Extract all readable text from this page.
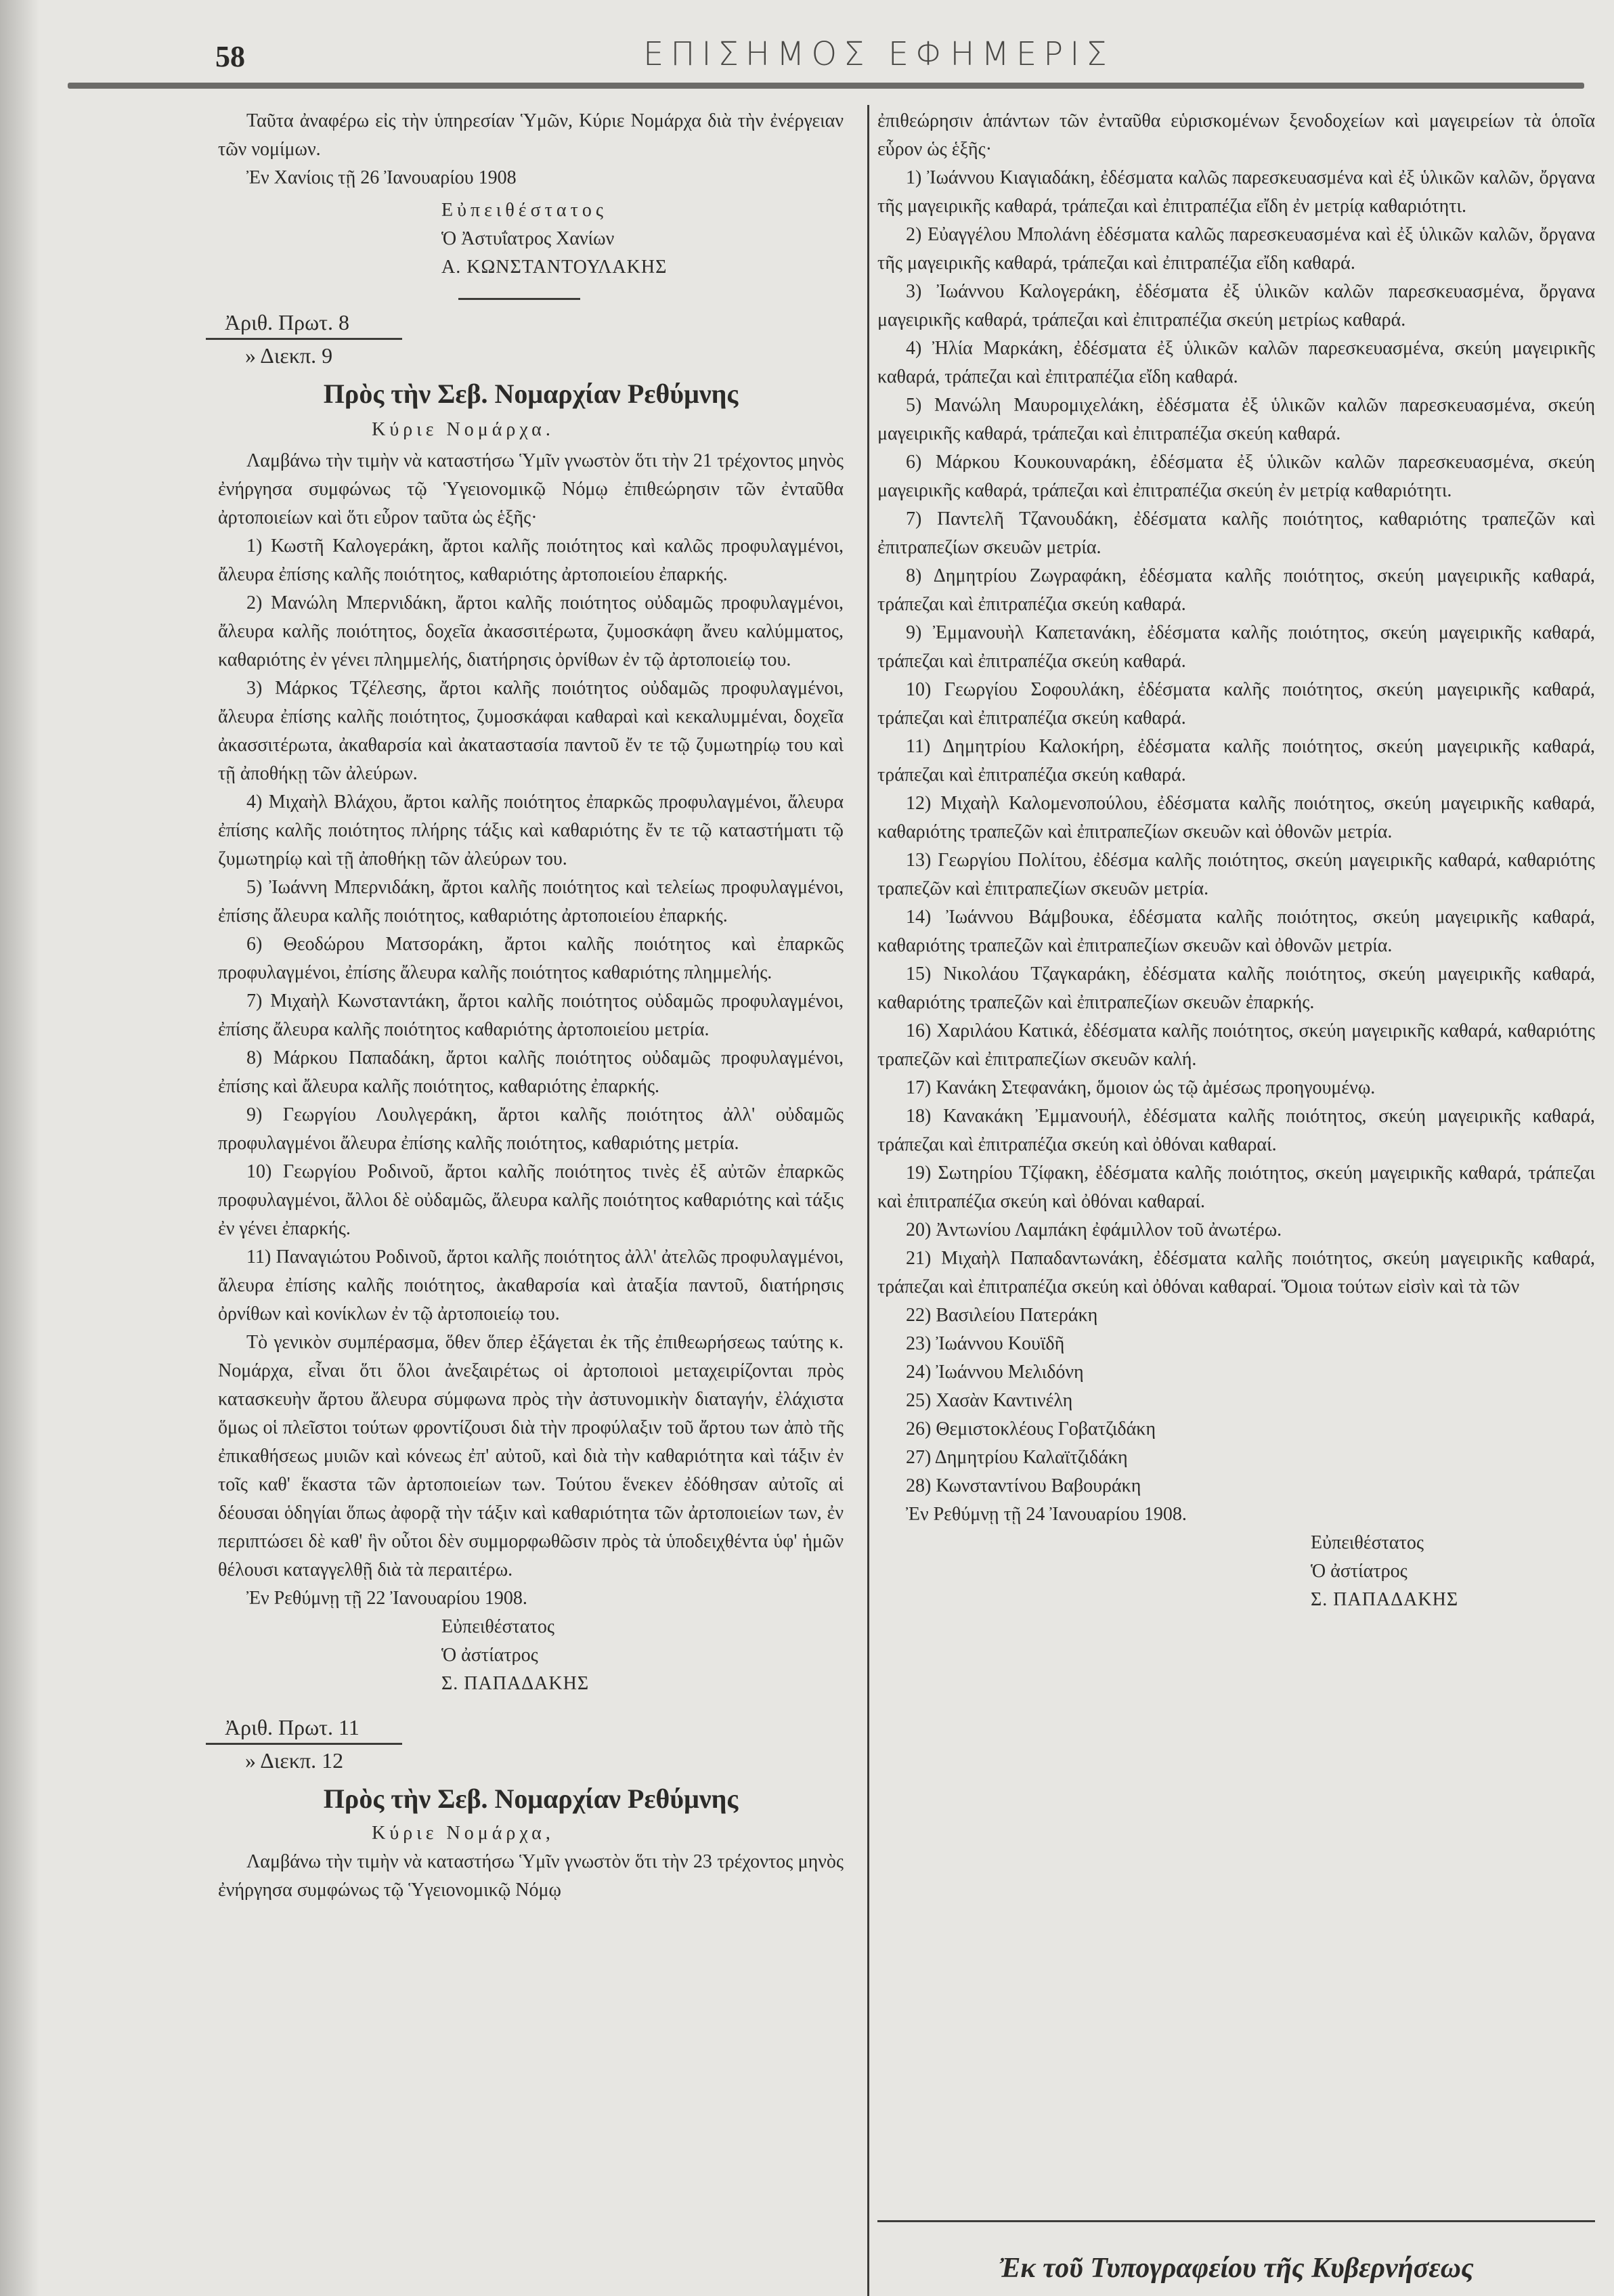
58	ΕΠΙΣΗΜΟΣ ΕΦΗΜΕΡΙΣ

Ταῦτα ἀναφέρω εἰς τὴν ὑπηρεσίαν Ὑμῶν, Κύριε Νομάρχα διὰ τὴν ἐνέργειαν τῶν νομίμων.

Ἐν Χανίοις τῇ 26 Ἰανουαρίου 1908

Εὐπειθέστατος
Ὁ Ἀστυΐατρος Χανίων
Α. ΚΩΝΣΤΑΝΤΟΥΛΑΚΗΣ
Ἀριθ. Πρωτ. 8
» Διεκπ. 9
Πρὸς τὴν Σεβ. Νομαρχίαν Ρεθύμνης
Κύριε Νομάρχα.

Λαμβάνω τὴν τιμὴν νὰ καταστήσω Ὑμῖν γνωστὸν ὅτι τὴν 21 τρέχοντος μηνὸς ἐνήργησα συμφώνως τῷ Ὑγειονομικῷ Νόμῳ ἐπιθεώρησιν τῶν ἐνταῦθα ἀρτοποιείων καὶ ὅτι εὗρον ταῦτα ὡς ἑξῆς·

1) Κωστῆ Καλογεράκη, ἄρτοι καλῆς ποιότητος καὶ καλῶς προφυλαγμένοι, ἄλευρα ἐπίσης καλῆς ποιότητος, καθαριότης ἀρτοποιείου ἐπαρκής.

2) Μανώλη Μπερνιδάκη, ἄρτοι καλῆς ποιότητος οὐδαμῶς προφυλαγμένοι, ἄλευρα καλῆς ποιότητος, δοχεῖα ἀκασσιτέρωτα, ζυμοσκάφη ἄνευ καλύμματος, καθαριότης ἐν γένει πλημμελής, διατήρησις ὀρνίθων ἐν τῷ ἀρτοποιείῳ του.

3) Μάρκος Τζέλεσης, ἄρτοι καλῆς ποιότητος οὐδαμῶς προφυλαγμένοι, ἄλευρα ἐπίσης καλῆς ποιότητος, ζυμοσκάφαι καθαραὶ καὶ κεκαλυμμέναι, δοχεῖα ἀκασσιτέρωτα, ἀκαθαρσία καὶ ἀκαταστασία παντοῦ ἔν τε τῷ ζυμωτηρίῳ του καὶ τῇ ἀποθήκῃ τῶν ἀλεύρων.

4) Μιχαὴλ Βλάχου, ἄρτοι καλῆς ποιότητος ἐπαρκῶς προφυλαγμένοι, ἄλευρα ἐπίσης καλῆς ποιότητος πλήρης τάξις καὶ καθαριότης ἔν τε τῷ καταστήματι τῷ ζυμωτηρίῳ καὶ τῇ ἀποθήκῃ τῶν ἀλεύρων του.

5) Ἰωάννη Μπερνιδάκη, ἄρτοι καλῆς ποιότητος καὶ τελείως προφυλαγμένοι, ἐπίσης ἄλευρα καλῆς ποιότητος, καθαριότης ἀρτοποιείου ἐπαρκής.

6) Θεοδώρου Ματσοράκη, ἄρτοι καλῆς ποιότητος καὶ ἐπαρκῶς προφυλαγμένοι, ἐπίσης ἄλευρα καλῆς ποιότητος καθαριότης πλημμελής.

7) Μιχαὴλ Κωνσταντάκη, ἄρτοι καλῆς ποιότητος οὐδαμῶς προφυλαγμένοι, ἐπίσης ἄλευρα καλῆς ποιότητος καθαριότης ἀρτοποιείου μετρία.

8) Μάρκου Παπαδάκη, ἄρτοι καλῆς ποιότητος οὐδαμῶς προφυλαγμένοι, ἐπίσης καὶ ἄλευρα καλῆς ποιότητος, καθαριότης ἐπαρκής.

9) Γεωργίου Λουλγεράκη, ἄρτοι καλῆς ποιότητος ἀλλ' οὐδαμῶς προφυλαγμένοι ἄλευρα ἐπίσης καλῆς ποιότητος, καθαριότης μετρία.

10) Γεωργίου Ροδινοῦ, ἄρτοι καλῆς ποιότητος τινὲς ἐξ αὐτῶν ἐπαρκῶς προφυλαγμένοι, ἄλλοι δὲ οὐδαμῶς, ἄλευρα καλῆς ποιότητος καθαριότης καὶ τάξις ἐν γένει ἐπαρκής.

11) Παναγιώτου Ροδινοῦ, ἄρτοι καλῆς ποιότητος ἀλλ' ἀτελῶς προφυλαγμένοι, ἄλευρα ἐπίσης καλῆς ποιότητος, ἀκαθαρσία καὶ ἀταξία παντοῦ, διατήρησις ὀρνίθων καὶ κονίκλων ἐν τῷ ἀρτοποιείῳ του.

Τὸ γενικὸν συμπέρασμα, ὅθεν ὅπερ ἐξάγεται ἐκ τῆς ἐπιθεωρήσεως ταύτης κ. Νομάρχα, εἶναι ὅτι ὅλοι ἀνεξαιρέτως οἱ ἀρτοποιοὶ μεταχειρίζονται πρὸς κατασκευὴν ἄρτου ἄλευρα σύμφωνα πρὸς τὴν ἀστυνομικὴν διαταγήν, ἐλάχιστα ὅμως οἱ πλεῖστοι τούτων φροντίζουσι διὰ τὴν προφύλαξιν τοῦ ἄρτου των ἀπὸ τῆς ἐπικαθήσεως μυιῶν καὶ κόνεως ἐπ' αὐτοῦ, καὶ διὰ τὴν καθαριότητα καὶ τάξιν ἐν τοῖς καθ' ἕκαστα τῶν ἀρτοποιείων των. Τούτου ἕνεκεν ἐδόθησαν αὐτοῖς αἱ δέουσαι ὁδηγίαι ὅπως ἀφορᾷ τὴν τάξιν καὶ καθαριότητα τῶν ἀρτοποιείων των, ἐν περιπτώσει δὲ καθ' ἣν οὗτοι δὲν συμμορφωθῶσιν πρὸς τὰ ὑποδειχθέντα ὑφ' ἡμῶν θέλουσι καταγγελθῇ διὰ τὰ περαιτέρω.

Ἐν Ρεθύμνῃ τῇ 22 Ἰανουαρίου 1908.

Εὐπειθέστατος
Ὁ ἀστίατρος
Σ. ΠΑΠΑΔΑΚΗΣ
Ἀριθ. Πρωτ. 11
» Διεκπ. 12
Πρὸς τὴν Σεβ. Νομαρχίαν Ρεθύμνης
Κύριε Νομάρχα,

Λαμβάνω τὴν τιμὴν νὰ καταστήσω Ὑμῖν γνωστὸν ὅτι τὴν 23 τρέχοντος μηνὸς ἐνήργησα συμφώνως τῷ Ὑγειονομικῷ Νόμῳ

ἐπιθεώρησιν ἁπάντων τῶν ἐνταῦθα εὑρισκομένων ξενοδοχείων καὶ μαγειρείων τὰ ὁποῖα εὗρον ὡς ἑξῆς·

1) Ἰωάννου Κιαγιαδάκη, ἐδέσματα καλῶς παρεσκευασμένα καὶ ἐξ ὑλικῶν καλῶν, ὄργανα τῆς μαγειρικῆς καθαρά, τράπεζαι καὶ ἐπιτραπέζια εἴδη ἐν μετρίᾳ καθαριότητι.

2) Εὐαγγέλου Μπολάνη ἐδέσματα καλῶς παρεσκευασμένα καὶ ἐξ ὑλικῶν καλῶν, ὄργανα τῆς μαγειρικῆς καθαρά, τράπεζαι καὶ ἐπιτραπέζια εἴδη καθαρά.

3) Ἰωάννου Καλογεράκη, ἐδέσματα ἐξ ὑλικῶν καλῶν παρεσκευασμένα, ὄργανα μαγειρικῆς καθαρά, τράπεζαι καὶ ἐπιτραπέζια σκεύη μετρίως καθαρά.

4) Ἠλία Μαρκάκη, ἐδέσματα ἐξ ὑλικῶν καλῶν παρεσκευασμένα, σκεύη μαγειρικῆς καθαρά, τράπεζαι καὶ ἐπιτραπέζια εἴδη καθαρά.

5) Μανώλη Μαυρομιχελάκη, ἐδέσματα ἐξ ὑλικῶν καλῶν παρεσκευασμένα, σκεύη μαγειρικῆς καθαρά, τράπεζαι καὶ ἐπιτραπέζια σκεύη καθαρά.

6) Μάρκου Κουκουναράκη, ἐδέσματα ἐξ ὑλικῶν καλῶν παρεσκευασμένα, σκεύη μαγειρικῆς καθαρά, τράπεζαι καὶ ἐπιτραπέζια σκεύη ἐν μετρίᾳ καθαριότητι.

7) Παντελῆ Τζανουδάκη, ἐδέσματα καλῆς ποιότητος, καθαριότης τραπεζῶν καὶ ἐπιτραπεζίων σκευῶν μετρία.

8) Δημητρίου Ζωγραφάκη, ἐδέσματα καλῆς ποιότητος, σκεύη μαγειρικῆς καθαρά, τράπεζαι καὶ ἐπιτραπέζια σκεύη καθαρά.

9) Ἐμμανουὴλ Καπετανάκη, ἐδέσματα καλῆς ποιότητος, σκεύη μαγειρικῆς καθαρά, τράπεζαι καὶ ἐπιτραπέζια σκεύη καθαρά.

10) Γεωργίου Σοφουλάκη, ἐδέσματα καλῆς ποιότητος, σκεύη μαγειρικῆς καθαρά, τράπεζαι καὶ ἐπιτραπέζια σκεύη καθαρά.

11) Δημητρίου Καλοκήρη, ἐδέσματα καλῆς ποιότητος, σκεύη μαγειρικῆς καθαρά, τράπεζαι καὶ ἐπιτραπέζια σκεύη καθαρά.

12) Μιχαὴλ Καλομενοπούλου, ἐδέσματα καλῆς ποιότητος, σκεύη μαγειρικῆς καθαρά, καθαριότης τραπεζῶν καὶ ἐπιτραπεζίων σκευῶν καὶ ὀθονῶν μετρία.

13) Γεωργίου Πολίτου, ἐδέσμα καλῆς ποιότητος, σκεύη μαγειρικῆς καθαρά, καθαριότης τραπεζῶν καὶ ἐπιτραπεζίων σκευῶν μετρία.

14) Ἰωάννου Βάμβουκα, ἐδέσματα καλῆς ποιότητος, σκεύη μαγειρικῆς καθαρά, καθαριότης τραπεζῶν καὶ ἐπιτραπεζίων σκευῶν καὶ ὀθονῶν μετρία.

15) Νικολάου Τζαγκαράκη, ἐδέσματα καλῆς ποιότητος, σκεύη μαγειρικῆς καθαρά, καθαριότης τραπεζῶν καὶ ἐπιτραπεζίων σκευῶν ἐπαρκής.

16) Χαριλάου Κατικά, ἐδέσματα καλῆς ποιότητος, σκεύη μαγειρικῆς καθαρά, καθαριότης τραπεζῶν καὶ ἐπιτραπεζίων σκευῶν καλή.

17) Κανάκη Στεφανάκη, ὅμοιον ὡς τῷ ἀμέσως προηγουμένῳ.

18) Κανακάκη Ἐμμανουήλ, ἐδέσματα καλῆς ποιότητος, σκεύη μαγειρικῆς καθαρά, τράπεζαι καὶ ἐπιτραπέζια σκεύη καὶ ὀθόναι καθαραί.

19) Σωτηρίου Τζίφακη, ἐδέσματα καλῆς ποιότητος, σκεύη μαγειρικῆς καθαρά, τράπεζαι καὶ ἐπιτραπέζια σκεύη καὶ ὀθόναι καθαραί.

20) Ἀντωνίου Λαμπάκη ἐφάμιλλον τοῦ ἀνωτέρω.

21) Μιχαὴλ Παπαδαντωνάκη, ἐδέσματα καλῆς ποιότητος, σκεύη μαγειρικῆς καθαρά, τράπεζαι καὶ ἐπιτραπέζια σκεύη καὶ ὀθόναι καθαραί. Ὅμοια τούτων εἰσὶν καὶ τὰ τῶν

22) Βασιλείου Πατεράκη

23) Ἰωάννου Κουϊδῆ

24) Ἰωάννου Μελιδόνη

25) Χασὰν Καντινέλη

26) Θεμιστοκλέους Γοβατζιδάκη

27) Δημητρίου Καλαϊτζιδάκη

28) Κωνσταντίνου Βαβουράκη

Ἐν Ρεθύμνῃ τῇ 24 Ἰανουαρίου 1908.

Εὐπειθέστατος
Ὁ ἀστίατρος
Σ. ΠΑΠΑΔΑΚΗΣ
Ἐκ τοῦ Τυπογραφείου τῆς Κυβερνήσεως
